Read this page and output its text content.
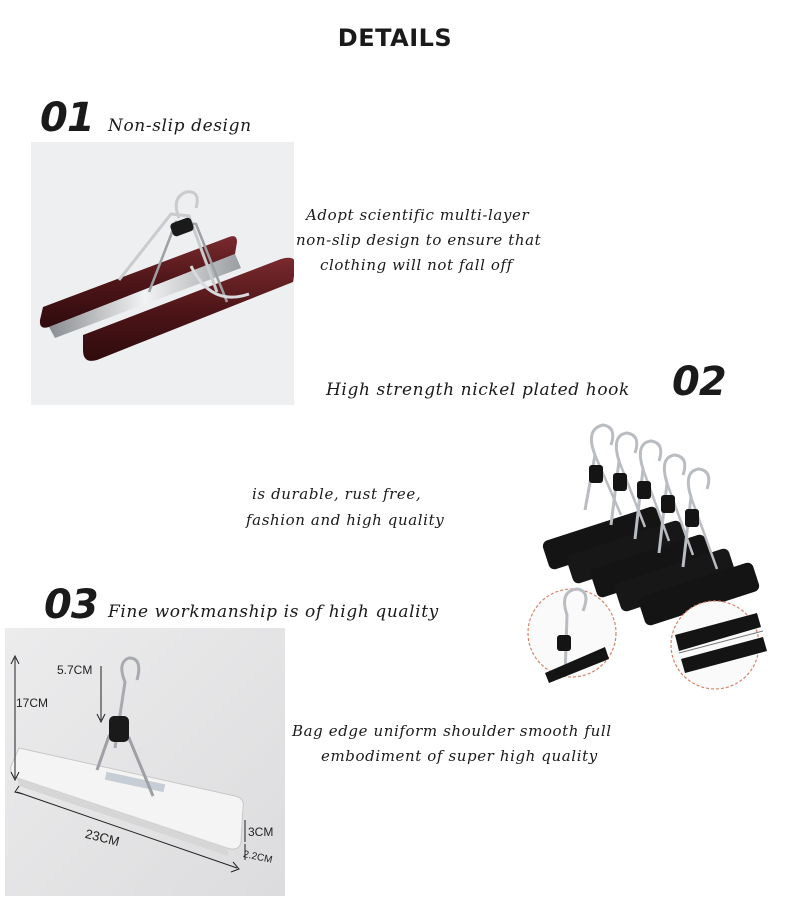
DETAILS
01 Non-slip design
Adopt scientific multi-layer
non-slip design to ensure that
clothing will not fall off
High strength nickel plated hook 02
is durable, rust free,
fashion and high quality
03 Fine workmanship is of high quality
5.7CM
17CM
23CM	3CM
2.2CM
Bag edge uniform shoulder smooth full
embodiment of super high quality
